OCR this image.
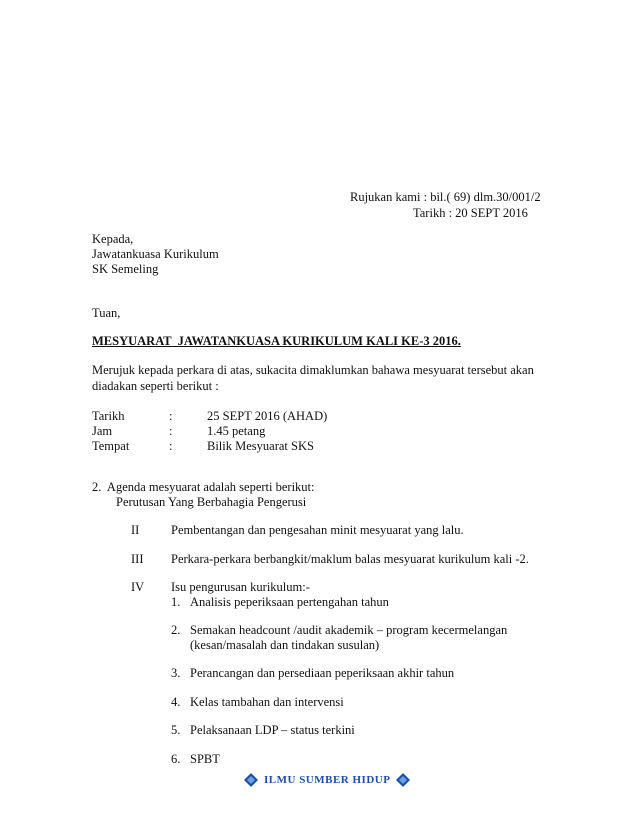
Rujukan kami : bil.( 69) dlm.30/001/2
Tarikh : 20 SEPT 2016
Kepada,
Jawatankuasa Kurikulum
SK Semeling
Tuan,
MESYUARAT  JAWATANKUASA KURIKULUM KALI KE-3 2016.
Merujuk kepada perkara di atas, sukacita dimaklumkan bahawa mesyuarat tersebut akan
diadakan seperti berikut :
Tarikh	:	25 SEPT 2016 (AHAD)
Jam	:	1.45 petang
Tempat	:	Bilik Mesyuarat SKS
2.  Agenda mesyuarat adalah seperti berikut:
Perutusan Yang Berbahagia Pengerusi
II	Pembentangan dan pengesahan minit mesyuarat yang lalu.
III Perkara-perkara berbangkit/maklum balas mesyuarat kurikulum kali -2.
IV Isu pengurusan kurikulum:-
1. Analisis peperiksaan pertengahan tahun
2. Semakan headcount /audit akademik – program kecermelangan
(kesan/masalah dan tindakan susulan)
3. Perancangan dan persediaan peperiksaan akhir tahun
4. Kelas tambahan dan intervensi
5. Pelaksanaan LDP – status terkini
6. SPBT
ILMU SUMBER HIDUP
